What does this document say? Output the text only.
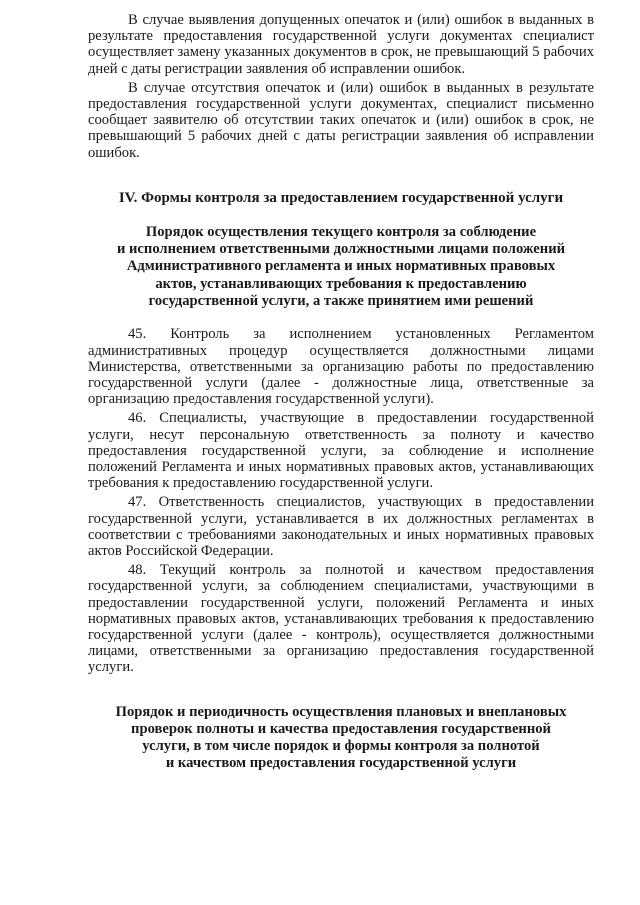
В случае выявления допущенных опечаток и (или) ошибок в выданных в результате предоставления государственной услуги документах специалист осуществляет замену указанных документов в срок, не превышающий 5 рабочих дней с даты регистрации заявления об исправлении ошибок.

В случае отсутствия опечаток и (или) ошибок в выданных в результате предоставления государственной услуги документах, специалист письменно сообщает заявителю об отсутствии таких опечаток и (или) ошибок в срок, не превышающий 5 рабочих дней с даты регистрации заявления об исправлении ошибок.

IV. Формы контроля за предоставлением государственной услуги
Порядок осуществления текущего контроля за соблюдение
и исполнением ответственными должностными лицами положений
Административного регламента и иных нормативных правовых
актов, устанавливающих требования к предоставлению
государственной услуги, а также принятием ими решений

45. Контроль за исполнением установленных Регламентом административных процедур осуществляется должностными лицами Министерства, ответственными за организацию работы по предоставлению государственной услуги (далее - должностные лица, ответственные за организацию предоставления государственной услуги).

46. Специалисты, участвующие в предоставлении государственной услуги, несут персональную ответственность за полноту и качество предоставления государственной услуги, за соблюдение и исполнение положений Регламента и иных нормативных правовых актов, устанавливающих требования к предоставлению государственной услуги.

47. Ответственность специалистов, участвующих в предоставлении государственной услуги, устанавливается в их должностных регламентах в соответствии с требованиями законодательных и иных нормативных правовых актов Российской Федерации.

48. Текущий контроль за полнотой и качеством предоставления государственной услуги, за соблюдением специалистами, участвующими в предоставлении государственной услуги, положений Регламента и иных нормативных правовых актов, устанавливающих требования к предоставлению государственной услуги (далее - контроль), осуществляется должностными лицами, ответственными за организацию предоставления государственной услуги.

Порядок и периодичность осуществления плановых и внеплановых
проверок полноты и качества предоставления государственной
услуги, в том числе порядок и формы контроля за полнотой
и качеством предоставления государственной услуги
